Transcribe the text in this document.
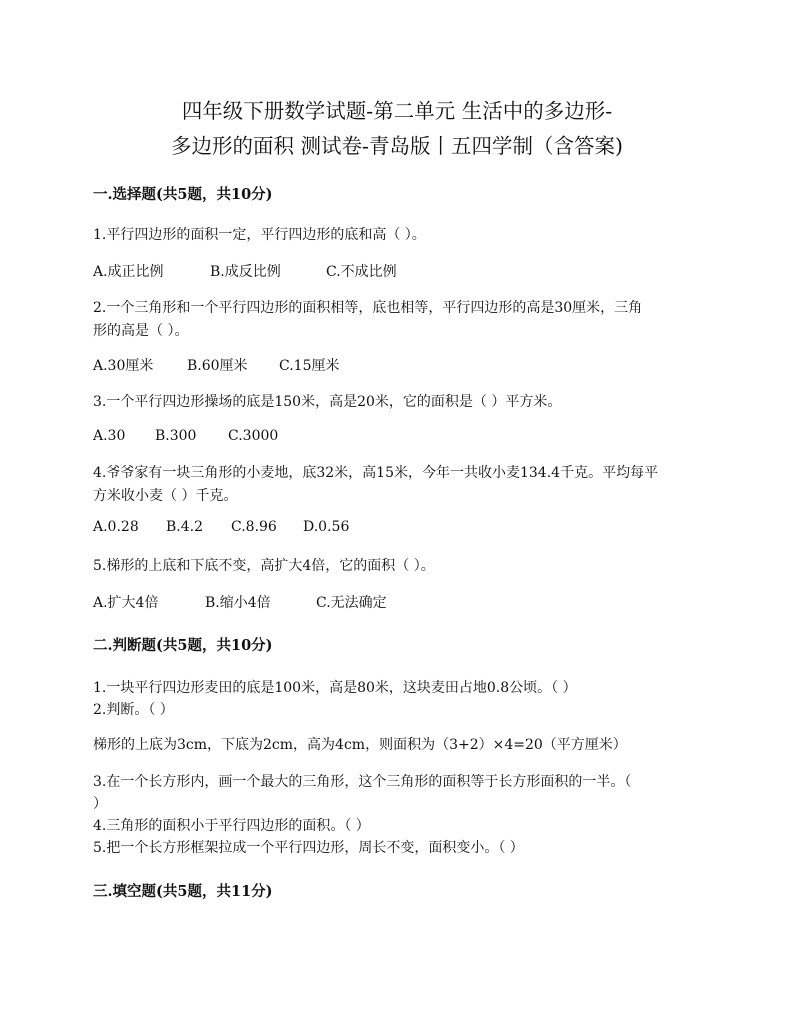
四年级下册数学试题-第二单元 生活中的多边形-
多边形的面积 测试卷-青岛版丨五四学制（含答案)
一.选择题(共5题，共10分)
1.平行四边形的面积一定，平行四边形的底和高（ ）。
A.成正比例	B.成反比例	C.不成比例
2.一个三角形和一个平行四边形的面积相等，底也相等，平行四边形的高是30厘米，三角
形的高是（ ）。
A.30厘米 B.60厘米 C.15厘米
3.一个平行四边形操场的底是150米，高是20米，它的面积是（ ）平方米。
A.30 B.300 C.3000
4.爷爷家有一块三角形的小麦地，底32米，高15米，今年一共收小麦134.4千克。平均每平
方米收小麦（ ）千克。
A.0.28 B.4.2 C.8.96 D.0.56
5.梯形的上底和下底不变，高扩大4倍，它的面积（ ）。
A.扩大4倍	B.缩小4倍	C.无法确定
二.判断题(共5题，共10分)
1.一块平行四边形麦田的底是100米，高是80米，这块麦田占地0.8公顷。（ ）
2.判断。（ ）
梯形的上底为3cm，下底为2cm，高为4cm，则面积为（3+2）×4=20（平方厘米）
3.在一个长方形内，画一个最大的三角形，这个三角形的面积等于长方形面积的一半。（
）
4.三角形的面积小于平行四边形的面积。（ ）
5.把一个长方形框架拉成一个平行四边形，周长不变，面积变小。（ ）
三.填空题(共5题，共11分)
